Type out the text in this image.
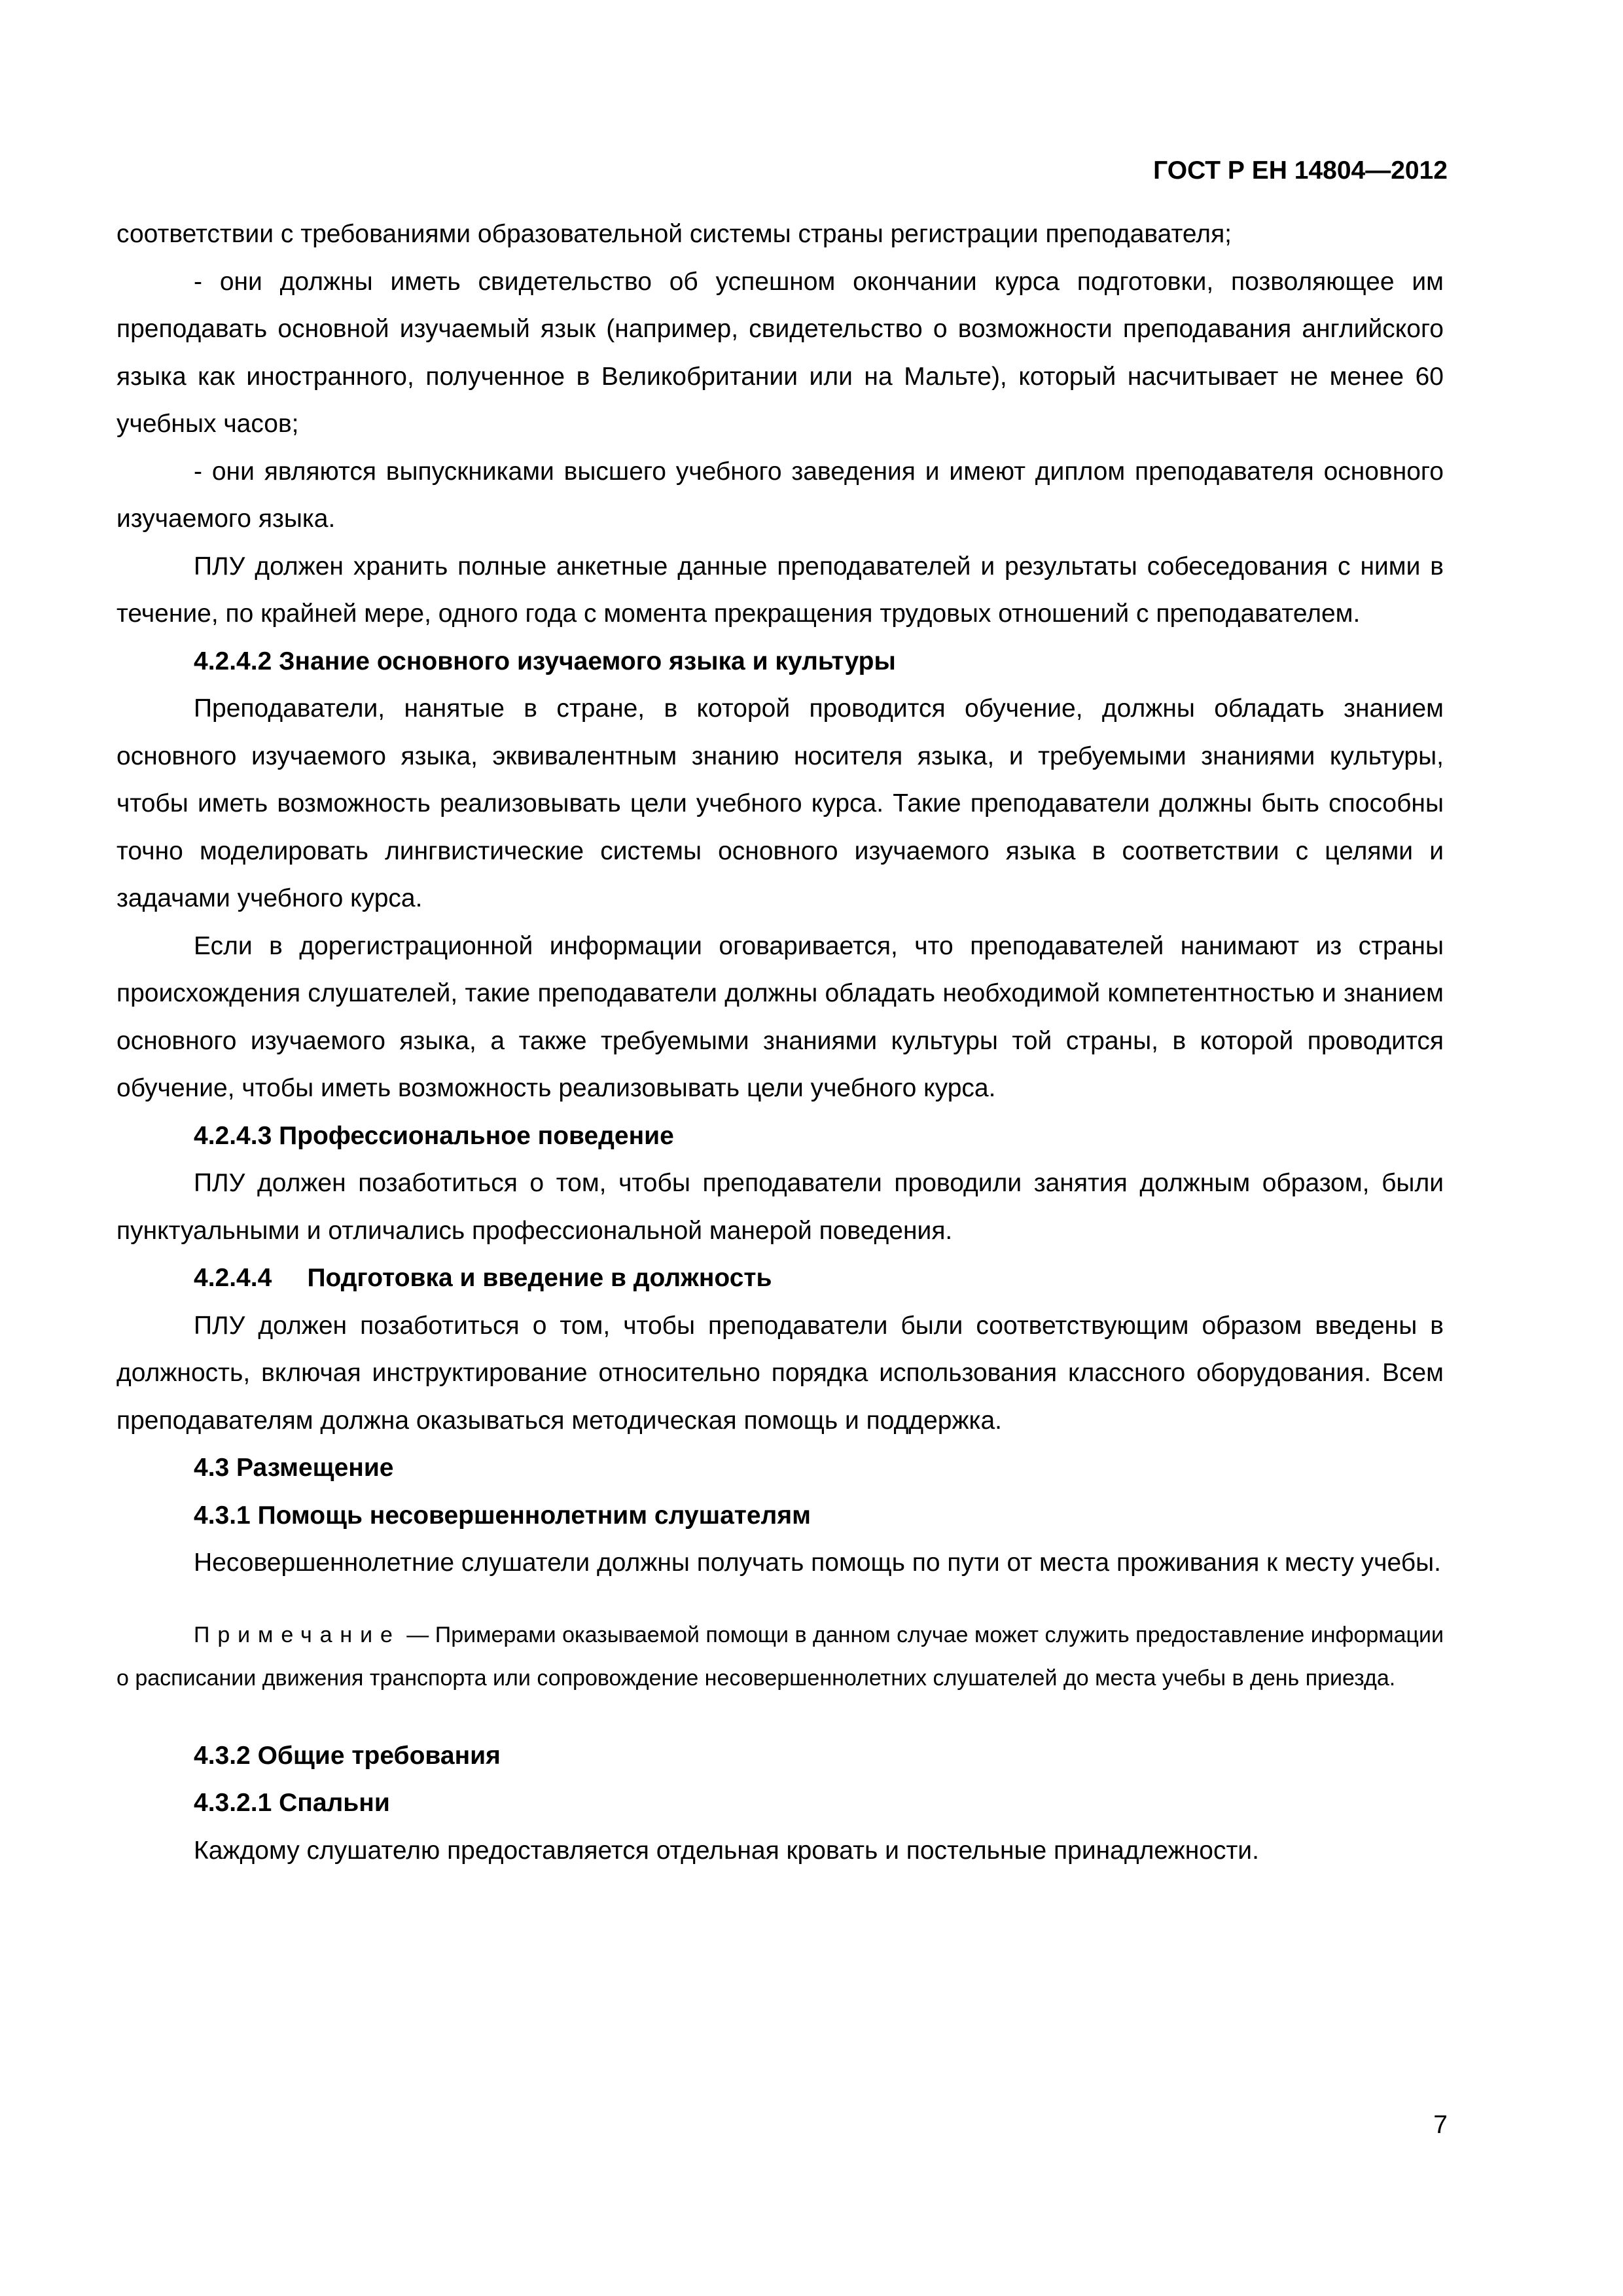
ГОСТ Р ЕН 14804—2012

соответствии с требованиями образовательной системы страны регистрации преподавателя;

- они должны иметь свидетельство об успешном окончании курса подготовки, позволяющее им преподавать основной изучаемый язык (например, свидетельство о возможности преподавания английского языка как иностранного, полученное в Великобритании или на Мальте), который насчитывает не менее 60 учебных часов;

- они являются выпускниками высшего учебного заведения и имеют диплом преподавателя основного изучаемого языка.

ПЛУ должен хранить полные анкетные данные преподавателей и результаты собеседования с ними в течение, по крайней мере, одного года с момента прекращения трудовых отношений с преподавателем.

4.2.4.2 Знание основного изучаемого языка и культуры

Преподаватели, нанятые в стране, в которой проводится обучение, должны обладать знанием основного изучаемого языка, эквивалентным знанию носителя языка, и требуемыми знаниями культуры, чтобы иметь возможность реализовывать цели учебного курса. Такие преподаватели должны быть способны точно моделировать лингвистические системы основного изучаемого языка в соответствии с целями и задачами учебного курса.

Если в дорегистрационной информации оговаривается, что преподавателей нанимают из страны происхождения слушателей, такие преподаватели должны обладать необходимой компетентностью и знанием основного изучаемого языка, а также требуемыми знаниями культуры той страны, в которой проводится обучение, чтобы иметь возможность реализовывать цели учебного курса.

4.2.4.3 Профессиональное поведение

ПЛУ должен позаботиться о том, чтобы преподаватели проводили занятия должным образом, были пунктуальными и отличались профессиональной манерой поведения.

4.2.4.4     Подготовка и введение в должность

ПЛУ должен позаботиться о том, чтобы преподаватели были соответствующим образом введены в должность, включая инструктирование относительно порядка использования классного оборудования. Всем преподавателям должна оказываться методическая помощь и поддержка.

4.3 Размещение

4.3.1 Помощь несовершеннолетним слушателям

Несовершеннолетние слушатели должны получать помощь по пути от места проживания к месту учебы.

Примечание — Примерами оказываемой помощи в данном случае может служить предоставление информации о расписании движения транспорта или сопровождение несовершеннолетних слушателей до места учебы в день приезда.

4.3.2 Общие требования

4.3.2.1 Спальни

Каждому слушателю предоставляется отдельная кровать и постельные принадлежности.

7
